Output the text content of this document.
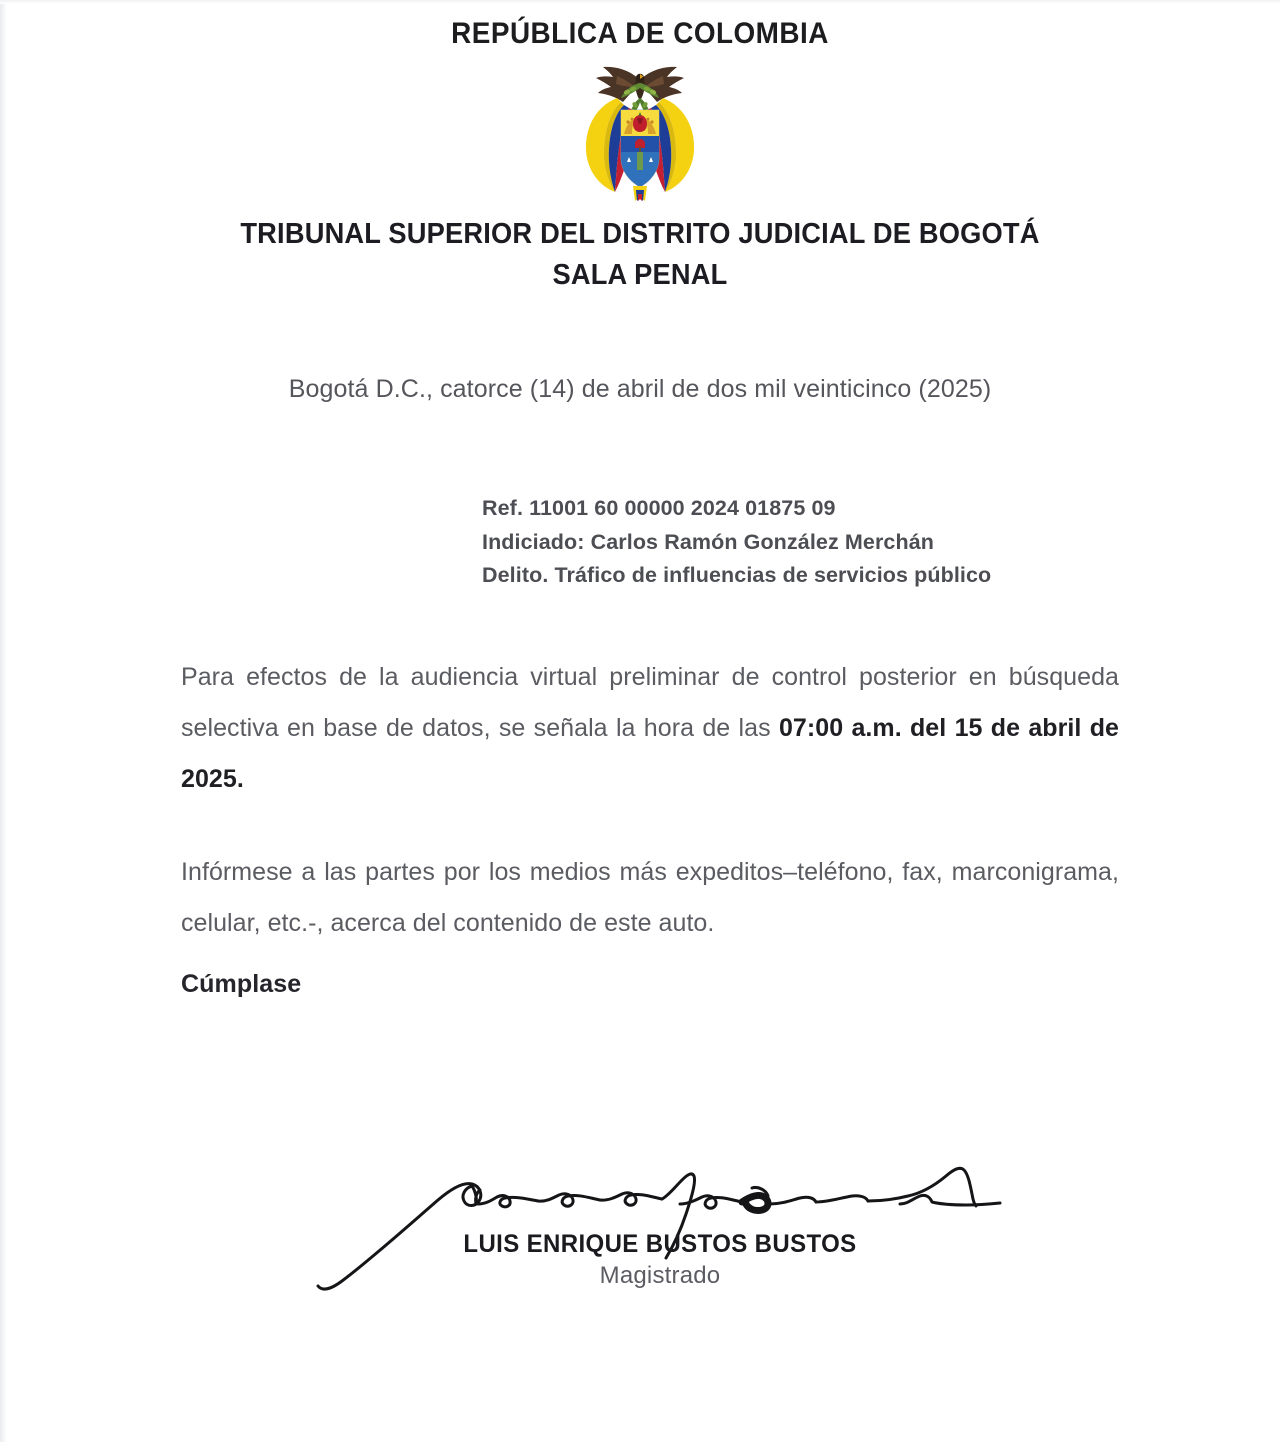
REPÚBLICA DE COLOMBIA
TRIBUNAL SUPERIOR DEL DISTRITO JUDICIAL DE BOGOTÁ
SALA PENAL
Bogotá D.C., catorce (14) de abril de dos mil veinticinco (2025)
Ref. 11001 60 00000 2024 01875 09
Indiciado: Carlos Ramón González Merchán
Delito. Tráfico de influencias de servicios público

Para efectos de la audiencia virtual preliminar de control posterior en búsqueda selectiva en base de datos, se señala la hora de las 07:00 a.m. del 15 de abril de 2025.

Infórmese a las partes por los medios más expeditos–teléfono, fax, marconigrama, celular, etc.-, acerca del contenido de este auto.

Cúmplase
LUIS ENRIQUE BUSTOS BUSTOS
Magistrado
